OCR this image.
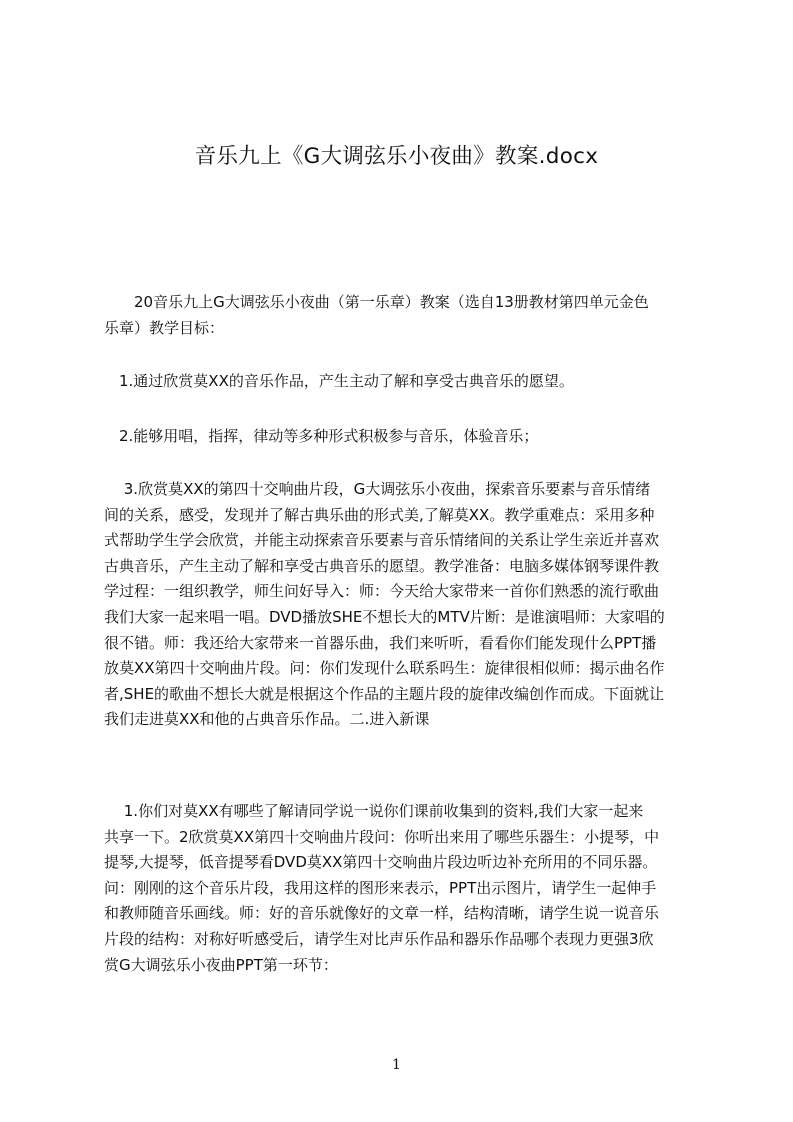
音乐九上《G大调弦乐小夜曲》教案.docx
　　20音乐九上G大调弦乐小夜曲（第一乐章）教案（选自13册教材第四单元金色
乐章）教学目标：
　1.通过欣赏莫XX的音乐作品，产生主动了解和享受古典音乐的愿望。
　2.能够用唱，指挥，律动等多种形式积极参与音乐，体验音乐；
　 3.欣赏莫XX的第四十交响曲片段，G大调弦乐小夜曲，探索音乐要素与音乐情绪
间的关系，感受，发现并了解古典乐曲的形式美,了解莫XX。教学重难点：采用多种
式帮助学生学会欣赏，并能主动探索音乐要素与音乐情绪间的关系让学生亲近并喜欢
古典音乐，产生主动了解和享受古典音乐的愿望。教学准备：电脑多媒体钢琴课件教
学过程：一组织教学，师生问好导入：师：今天给大家带来一首你们熟悉的流行歌曲
我们大家一起来唱一唱。DVD播放SHE不想长大的MTV片断：是谁演唱师：大家唱的
很不错。师：我还给大家带来一首器乐曲，我们来听听，看看你们能发现什么PPT播
放莫XX第四十交响曲片段。问：你们发现什么联系吗生：旋律很相似师：揭示曲名作
者,SHE的歌曲不想长大就是根据这个作品的主题片段的旋律改编创作而成。下面就让
我们走进莫XX和他的占典音乐作品。二.进入新课
　 1.你们对莫XX有哪些了解请同学说一说你们课前收集到的资料,我们大家一起来
共享一下。2欣赏莫XX第四十交响曲片段问：你听出来用了哪些乐器生：小提琴，中
提琴,大提琴，低音提琴看DVD莫XX第四十交响曲片段边听边补充所用的不同乐器。
问：刚刚的这个音乐片段，我用这样的图形来表示，PPT出示图片，请学生一起伸手
和教师随音乐画线。师：好的音乐就像好的文章一样，结构清晰，请学生说一说音乐
片段的结构：对称好听感受后，请学生对比声乐作品和器乐作品哪个表现力更强3欣
赏G大调弦乐小夜曲PPT第一环节：
1
